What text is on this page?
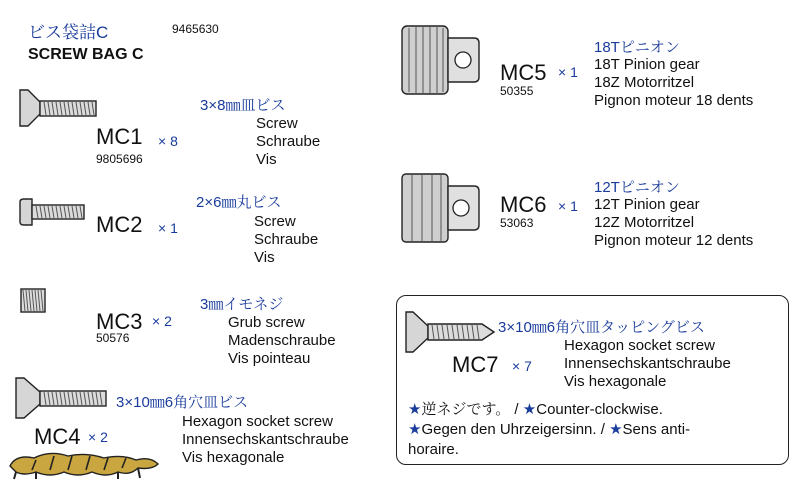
ビス袋詰C	9465630
SCREW BAG C
MC1 × 8
9805696
3×8㎜皿ビス
Screw
Schraube
Vis
MC2 × 1
2×6㎜丸ビス
Screw
Schraube
Vis
MC3 × 2
50576
3㎜イモネジ
Grub screw
Madenschraube
Vis pointeau
MC4 × 2
3×10㎜6角穴皿ビス
Hexagon socket screw
Innensechskantschraube
Vis hexagonale
MC5 × 1
50355
18Tピニオン
18T Pinion gear
18Z Motorritzel
Pignon moteur 18 dents
MC6 × 1
53063
12Tピニオン
12T Pinion gear
12Z Motorritzel
Pignon moteur 12 dents
MC7 × 7
3×10㎜6角穴皿タッピングビス
Hexagon socket screw
Innensechskantschraube
Vis hexagonale
★逆ネジです。 / ★Counter-clockwise.
★Gegen den Uhrzeigersinn. / ★Sens anti-
horaire.
